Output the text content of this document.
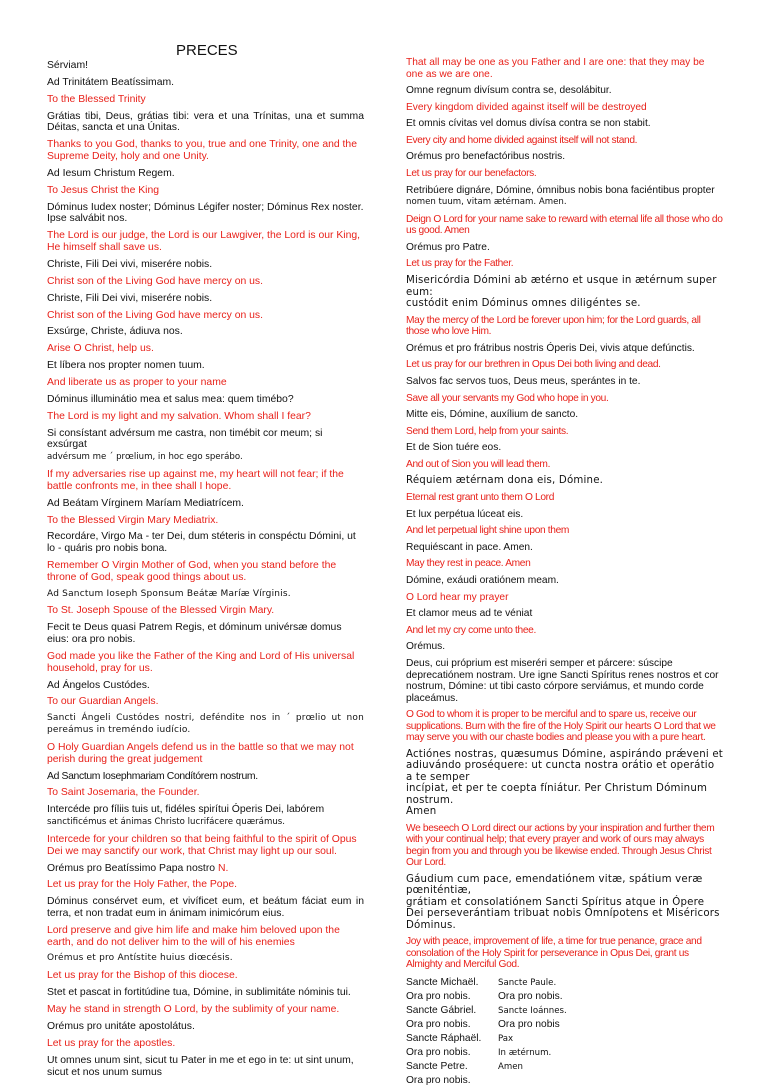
PRECES
Sérviam!
Ad Trinitátem Beatíssimam.
To the Blessed Trinity
Grátias tibi, Deus, grátias tibi: vera et una Trínitas, una et summa Déitas, sancta et una Únitas.
Thanks to you God, thanks to you, true and one Trinity, one and the Supreme Deity, holy and one Unity.
Ad Iesum Christum Regem.
To Jesus Christ the King
Dóminus Iudex noster; Dóminus Légifer noster; Dóminus Rex noster. Ipse salvábit nos.
The Lord is our judge, the Lord is our Lawgiver, the Lord is our King, He himself shall save us.
Christe, Fili Dei vivi, miserére nobis.
Christ son of the Living God have mercy on us.
Christe, Fili Dei vivi, miserére nobis.
Christ son of the Living God have mercy on us.
Exsúrge, Christe, ádiuva nos.
Arise O Christ, help us.
Et líbera nos propter nomen tuum.
And liberate us as proper to your name
Dóminus illuminátio mea et salus mea: quem timébo?
The Lord is my light and my salvation. Whom shall I fear?
Si consístant advérsum me castra, non timébit cor meum; si exsúrgat
advérsum me ´ prœlium, in hoc ego sperábo.
If my adversaries rise up against me, my heart will not fear; if the battle confronts me, in thee shall I hope.
Ad Beátam Vírginem Maríam Mediatrícem.
To the Blessed Virgin Mary Mediatrix.
Recordáre, Virgo Ma - ter Dei, dum stéteris in conspéctu Dómini, ut lo - quáris pro nobis bona.
Remember O Virgin Mother of God, when you stand before the throne of God, speak good things about us.
Ad Sanctum Ioseph Sponsum Beátæ Maríæ Vírginis.
To St. Joseph Spouse of the Blessed Virgin Mary.
Fecit te Deus quasi Patrem Regis, et dóminum univérsæ domus eius: ora pro nobis.
God made you like the Father of the King and Lord of His universal household, pray for us.
Ad Ángelos Custódes.
To our Guardian Angels.
Sancti Ángeli Custódes nostri, deféndite nos in ´ prœlio ut non pereámus in treméndo iudício.
O Holy Guardian Angels defend us in the battle so that we may not perish during the great judgement
Ad Sanctum Iosephmariam Condítórem nostrum.
To Saint Josemaria, the Founder.
Intercéde pro fíliis tuis ut, fidéles spirítui Óperis Dei, labórem
sanctificémus et ánimas Christo lucrifácere quærámus.
Intercede for your children so that being faithful to the spirit of Opus Dei we may sanctify our work, that Christ may light up our soul.
Orémus pro Beatíssimo Papa nostro N.
Let us pray for the Holy Father, the Pope.
Dóminus consérvet eum, et vivíficet eum, et beátum fáciat eum in terra, et non tradat eum in ánimam inimicórum eius.
Lord preserve and give him life and make him beloved upon the earth, and do not deliver him to the will of his enemies
Orémus et pro Antístite huius diœcésis.
Let us pray for the Bishop of this diocese.
Stet et pascat in fortitúdine tua, Dómine, in sublimitáte nóminis tui.
May he stand in strength O Lord, by the sublimity of your name.
Orémus pro unitáte apostolátus.
Let us pray for the apostles.
Ut omnes unum sint, sicut tu Pater in me et ego in te: ut sint unum, sicut et nos unum sumus
That all may be one as you Father and I are one: that they may be one as we are one.
Omne regnum divísum contra se, desolábitur.
Every kingdom divided against itself will be destroyed
Et omnis cívitas vel domus divísa contra se non stabit.
Every city and home divided against itself will not stand.
Orémus pro benefactóribus nostris.
Let us pray for our benefactors.
Retribúere dignáre, Dómine, ómnibus nobis bona faciéntibus propter
nomen tuum, vitam ætérnam. Amen.
Deign O Lord for your name sake to reward with eternal life all those who do us good. Amen
Orémus pro Patre.
Let us pray for the Father.
Misericórdia Dómini ab ætérno et usque in ætérnum super eum:
custódit enim Dóminus omnes diligéntes se.
May the mercy of the Lord be forever upon him; for the Lord guards, all those who love Him.
Orémus et pro frátribus nostris Óperis Dei, vivis atque defúnctis.
Let us pray for our brethren in Opus Dei both living and dead.
Salvos fac servos tuos, Deus meus, sperántes in te.
Save all your servants my God who hope in you.
Mitte eis, Dómine, auxílium de sancto.
Send them Lord, help from your saints.
Et de Sion tuére eos.
And out of Sion you will lead them.
Réquiem ætérnam dona eis, Dómine.
Eternal rest grant unto them O Lord
Et lux perpétua lúceat eis.
And let perpetual light shine upon them
Requiéscant in pace. Amen.
May they rest in peace. Amen
Dómine, exáudi oratiónem meam.
O Lord hear my prayer
Et clamor meus ad te véniat
And let my cry come unto thee.
Orémus.
Deus, cui próprium est miseréri semper et párcere: súscipe deprecatiónem nostram. Ure igne Sancti Spíritus renes nostros et cor nostrum, Dómine: ut tibi casto córpore serviámus, et mundo corde placeámus.
O God to whom it is proper to be merciful and to spare us, receive our supplications. Burn with the fire of the Holy Spirit our hearts O Lord that we may serve you with our chaste bodies and please you with a pure heart.
Actiónes nostras, quæsumus Dómine, aspirándo prǽveni et
adiuvándo proséquere: ut cuncta nostra orátio et operátio a te semper
incípiat, et per te coepta fíniátur. Per Christum Dóminum nostrum.
Amen
We beseech O Lord direct our actions by your inspiration and further them with your continual help; that every prayer and work of ours may always begin from you and through you be likewise ended. Through Jesus Christ Our Lord.
Gáudium cum pace, emendatiónem vitæ, spátium veræ pœniténtiæ,
grátiam et consolatiónem Sancti Spíritus atque in Ópere Dei perseverántiam tribuat nobis Omnípotens et Miséricors Dóminus.
Joy with peace, improvement of life, a time for true penance, grace and consolation of the Holy Spirit for perseverance in Opus Dei, grant us Almighty and Merciful God.
Sancte Michaël.	Sancte Paule.
Ora pro nobis.	Ora pro nobis.
Sancte Gábriel.	Sancte Ioánnes.
Ora pro nobis.	Ora pro nobis
Sancte Ráphaël.	Pax
Ora pro nobis.	In ætérnum.
Sancte Petre.	Amen
Ora pro nobis.
